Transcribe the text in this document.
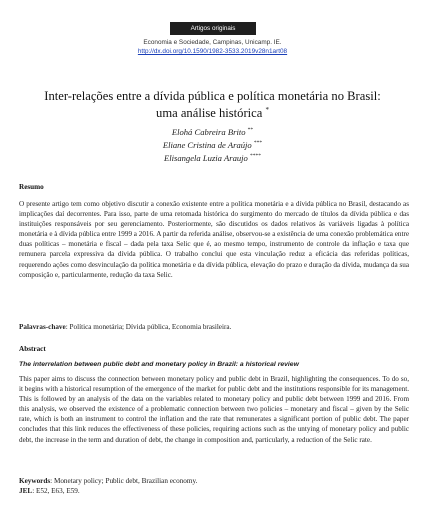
Artigos originais
Economia e Sociedade, Campinas, Unicamp. IE.
http://dx.doi.org/10.1590/1982-3533.2019v28n1art08
Inter-relações entre a dívida pública e política monetária no Brasil:
uma análise histórica *
Elohá Cabreira Brito **
Eliane Cristina de Araújo ***
Elisangela Luzia Araujo ****
Resumo
O presente artigo tem como objetivo discutir a conexão existente entre a política monetária e a dívida pública no Brasil, destacando as implicações daí decorrentes. Para isso, parte de uma retomada histórica do surgimento do mercado de títulos da dívida pública e das instituições responsáveis por seu gerenciamento. Posteriormente, são discutidos os dados relativos às variáveis ligadas à política monetária e à dívida pública entre 1999 a 2016. A partir da referida análise, observou-se a existência de uma conexão problemática entre duas políticas – monetária e fiscal – dada pela taxa Selic que é, ao mesmo tempo, instrumento de controle da inflação e taxa que remunera parcela expressiva da dívida pública. O trabalho conclui que esta vinculação reduz a eficácia das referidas políticas, requerendo ações como desvinculação da política monetária e da dívida pública, elevação do prazo e duração da dívida, mudança da sua composição e, particularmente, redução da taxa Selic.
Palavras-chave: Política monetária; Dívida pública, Economia brasileira.
Abstract
The interrelation between public debt and monetary policy in Brazil: a historical review
This paper aims to discuss the connection between monetary policy and public debt in Brazil, highlighting the consequences. To do so, it begins with a historical resumption of the emergence of the market for public debt and the institutions responsible for its management. This is followed by an analysis of the data on the variables related to monetary policy and public debt between 1999 and 2016. From this analysis, we observed the existence of a problematic connection between two policies – monetary and fiscal – given by the Selic rate, which is both an instrument to control the inflation and the rate that remunerates a significant portion of public debt. The paper concludes that this link reduces the effectiveness of these policies, requiring actions such as the untying of monetary policy and public debt, the increase in the term and duration of debt, the change in composition and, particularly, a reduction of the Selic rate.
Keywords: Monetary policy; Public debt, Brazilian economy.
JEL: E52, E63, E59.
